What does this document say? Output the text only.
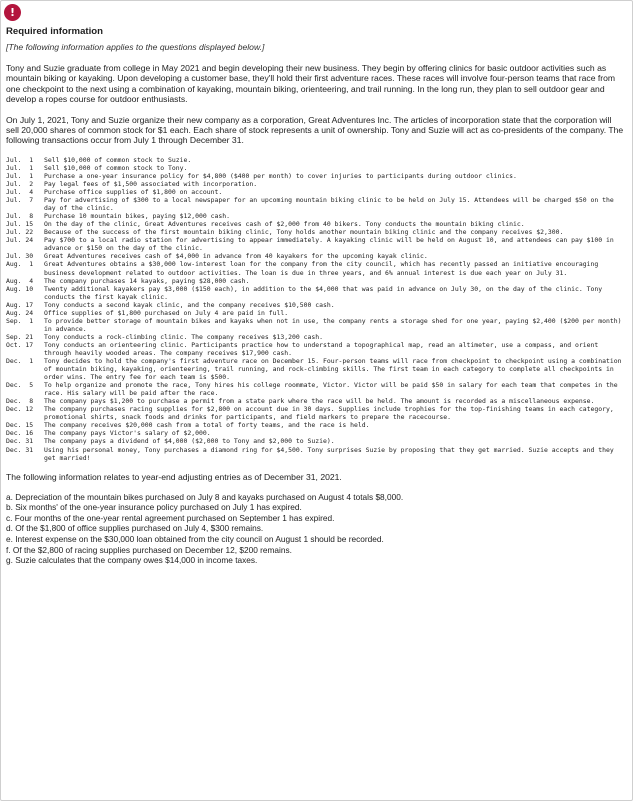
!
Required information
[The following information applies to the questions displayed below.]

Tony and Suzie graduate from college in May 2021 and begin developing their new business. They begin by offering clinics for basic outdoor activities such as mountain biking or kayaking. Upon developing a customer base, they'll hold their first adventure races. These races will involve four-person teams that race from one checkpoint to the next using a combination of kayaking, mountain biking, orienteering, and trail running. In the long run, they plan to sell outdoor gear and develop a ropes course for outdoor enthusiasts.

On July 1, 2021, Tony and Suzie organize their new company as a corporation, Great Adventures Inc. The articles of incorporation state that the corporation will sell 20,000 shares of common stock for $1 each. Each share of stock represents a unit of ownership. Tony and Suzie will act as co-presidents of the company. The following transactions occur from July 1 through December 31.

Jul.  1	Sell $10,000 of common stock to Suzie.
Jul.  1	Sell $10,000 of common stock to Tony.
Jul.  1	Purchase a one-year insurance policy for $4,800 ($400 per month) to cover injuries to participants during outdoor clinics.
Jul.  2	Pay legal fees of $1,500 associated with incorporation.
Jul.  4	Purchase office supplies of $1,800 on account.
Jul.  7	Pay for advertising of $300 to a local newspaper for an upcoming mountain biking clinic to be held on July 15. Attendees will be charged $50 on the day of the clinic.
Jul.  8	Purchase 10 mountain bikes, paying $12,000 cash.
Jul. 15	On the day of the clinic, Great Adventures receives cash of $2,000 from 40 bikers. Tony conducts the mountain biking clinic.
Jul. 22	Because of the success of the first mountain biking clinic, Tony holds another mountain biking clinic and the company receives $2,300.
Jul. 24	Pay $700 to a local radio station for advertising to appear immediately. A kayaking clinic will be held on August 10, and attendees can pay $100 in advance or $150 on the day of the clinic.
Jul. 30	Great Adventures receives cash of $4,000 in advance from 40 kayakers for the upcoming kayak clinic.
Aug.  1	Great Adventures obtains a $30,000 low-interest loan for the company from the city council, which has recently passed an initiative encouraging business development related to outdoor activities. The loan is due in three years, and 6% annual interest is due each year on July 31.
Aug.  4	The company purchases 14 kayaks, paying $28,000 cash.
Aug. 10	Twenty additional kayakers pay $3,000 ($150 each), in addition to the $4,000 that was paid in advance on July 30, on the day of the clinic. Tony conducts the first kayak clinic.
Aug. 17	Tony conducts a second kayak clinic, and the company receives $10,500 cash.
Aug. 24	Office supplies of $1,800 purchased on July 4 are paid in full.
Sep.  1	To provide better storage of mountain bikes and kayaks when not in use, the company rents a storage shed for one year, paying $2,400 ($200 per month) in advance.
Sep. 21	Tony conducts a rock-climbing clinic. The company receives $13,200 cash.
Oct. 17	Tony conducts an orienteering clinic. Participants practice how to understand a topographical map, read an altimeter, use a compass, and orient through heavily wooded areas. The company receives $17,900 cash.
Dec.  1	Tony decides to hold the company's first adventure race on December 15. Four-person teams will race from checkpoint to checkpoint using a combination of mountain biking, kayaking, orienteering, trail running, and rock-climbing skills. The first team in each category to complete all checkpoints in order wins. The entry fee for each team is $500.
Dec.  5	To help organize and promote the race, Tony hires his college roommate, Victor. Victor will be paid $50 in salary for each team that competes in the race. His salary will be paid after the race.
Dec.  8	The company pays $1,200 to purchase a permit from a state park where the race will be held. The amount is recorded as a miscellaneous expense.
Dec. 12	The company purchases racing supplies for $2,800 on account due in 30 days. Supplies include trophies for the top-finishing teams in each category, promotional shirts, snack foods and drinks for participants, and field markers to prepare the racecourse.
Dec. 15	The company receives $20,000 cash from a total of forty teams, and the race is held.
Dec. 16	The company pays Victor's salary of $2,000.
Dec. 31	The company pays a dividend of $4,000 ($2,000 to Tony and $2,000 to Suzie).
Dec. 31	Using his personal money, Tony purchases a diamond ring for $4,500. Tony surprises Suzie by proposing that they get married. Suzie accepts and they get married!
The following information relates to year-end adjusting entries as of December 31, 2021.
a. Depreciation of the mountain bikes purchased on July 8 and kayaks purchased on August 4 totals $8,000.
b. Six months' of the one-year insurance policy purchased on July 1 has expired.
c. Four months of the one-year rental agreement purchased on September 1 has expired.
d. Of the $1,800 of office supplies purchased on July 4, $300 remains.
e. Interest expense on the $30,000 loan obtained from the city council on August 1 should be recorded.
f. Of the $2,800 of racing supplies purchased on December 12, $200 remains.
g. Suzie calculates that the company owes $14,000 in income taxes.
